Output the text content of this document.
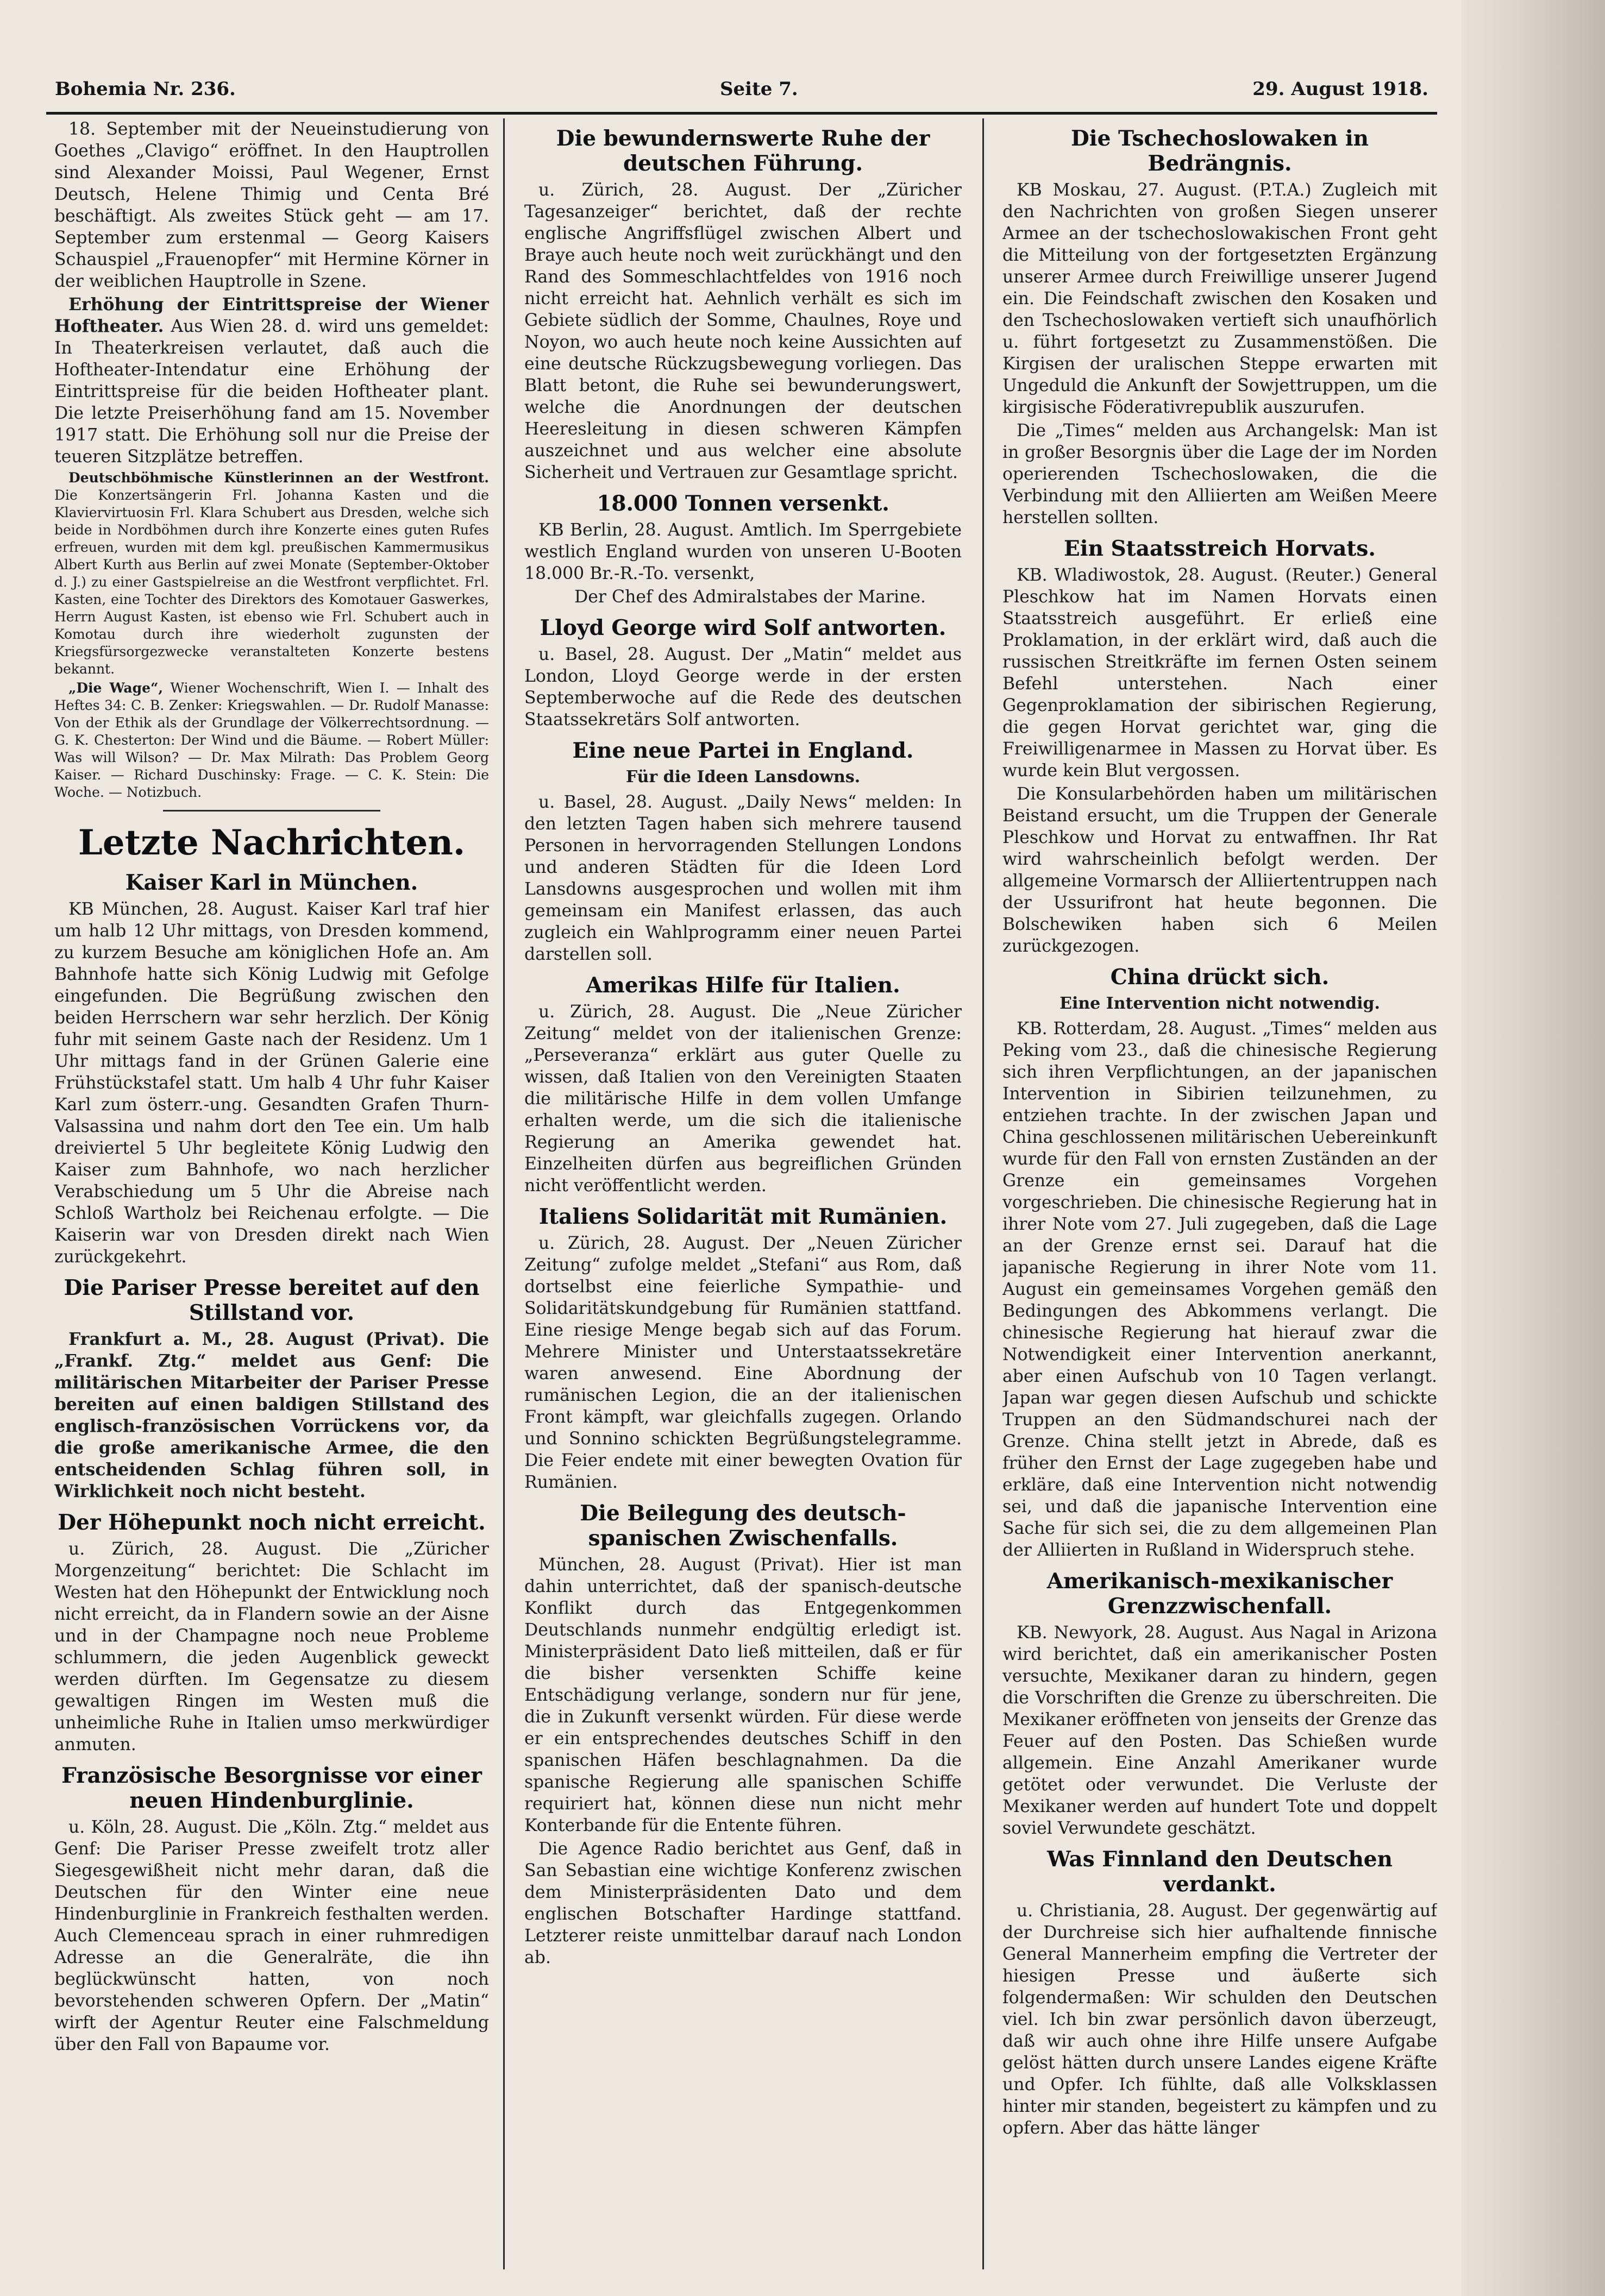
Bohemia Nr. 236.	Seite 7.	29. August 1918.

18. September mit der Neueinstudierung von Goethes „Clavigo“ eröffnet. In den Hauptrollen sind Alexander Moissi, Paul Wegener, Ernst Deutsch, Helene Thimig und Centa Bré beschäftigt. Als zweites Stück geht — am 17. September zum erstenmal — Georg Kaisers Schauspiel „Frauenopfer“ mit Hermine Körner in der weiblichen Hauptrolle in Szene.

Erhöhung der Eintrittspreise der Wiener Hoftheater. Aus Wien 28. d. wird uns gemeldet: In Theaterkreisen verlautet, daß auch die Hoftheater-Intendatur eine Erhöhung der Eintrittspreise für die beiden Hoftheater plant. Die letzte Preiserhöhung fand am 15. November 1917 statt. Die Erhöhung soll nur die Preise der teueren Sitzplätze betreffen.

Deutschböhmische Künstlerinnen an der Westfront. Die Konzertsängerin Frl. Johanna Kasten und die Klaviervirtuosin Frl. Klara Schubert aus Dresden, welche sich beide in Nordböhmen durch ihre Konzerte eines guten Rufes erfreuen, wurden mit dem kgl. preußischen Kammermusikus Albert Kurth aus Berlin auf zwei Monate (September-Oktober d. J.) zu einer Gastspielreise an die Westfront verpflichtet. Frl. Kasten, eine Tochter des Direktors des Komotauer Gaswerkes, Herrn August Kasten, ist ebenso wie Frl. Schubert auch in Komotau durch ihre wiederholt zugunsten der Kriegsfürsorgezwecke veranstalteten Konzerte bestens bekannt.

„Die Wage“, Wiener Wochenschrift, Wien I. — Inhalt des Heftes 34: C. B. Zenker: Kriegswahlen. — Dr. Rudolf Manasse: Von der Ethik als der Grundlage der Völkerrechtsordnung. — G. K. Chesterton: Der Wind und die Bäume. — Robert Müller: Was will Wilson? — Dr. Max Milrath: Das Problem Georg Kaiser. — Richard Duschinsky: Frage. — C. K. Stein: Die Woche. — Notizbuch.

Letzte Nachrichten.
Kaiser Karl in München.

KB München, 28. August. Kaiser Karl traf hier um halb 12 Uhr mittags, von Dresden kommend, zu kurzem Besuche am königlichen Hofe an. Am Bahnhofe hatte sich König Ludwig mit Gefolge eingefunden. Die Begrüßung zwischen den beiden Herrschern war sehr herzlich. Der König fuhr mit seinem Gaste nach der Residenz. Um 1 Uhr mittags fand in der Grünen Galerie eine Frühstückstafel statt. Um halb 4 Uhr fuhr Kaiser Karl zum österr.-ung. Gesandten Grafen Thurn-Valsassina und nahm dort den Tee ein. Um halb dreiviertel 5 Uhr begleitete König Ludwig den Kaiser zum Bahnhofe, wo nach herzlicher Verabschiedung um 5 Uhr die Abreise nach Schloß Wartholz bei Reichenau erfolgte. — Die Kaiserin war von Dresden direkt nach Wien zurückgekehrt.

Die Pariser Presse bereitet auf den Stillstand vor.

Frankfurt a. M., 28. August (Privat). Die „Frankf. Ztg.“ meldet aus Genf: Die militärischen Mitarbeiter der Pariser Presse bereiten auf einen baldigen Stillstand des englisch-französischen Vorrückens vor, da die große amerikanische Armee, die den entscheidenden Schlag führen soll, in Wirklichkeit noch nicht besteht.

Der Höhepunkt noch nicht erreicht.

u. Zürich, 28. August. Die „Züricher Morgenzeitung“ berichtet: Die Schlacht im Westen hat den Höhepunkt der Entwicklung noch nicht erreicht, da in Flandern sowie an der Aisne und in der Champagne noch neue Probleme schlummern, die jeden Augenblick geweckt werden dürften. Im Gegensatze zu diesem gewaltigen Ringen im Westen muß die unheimliche Ruhe in Italien umso merkwürdiger anmuten.

Französische Besorgnisse vor einer neuen Hindenburglinie.

u. Köln, 28. August. Die „Köln. Ztg.“ meldet aus Genf: Die Pariser Presse zweifelt trotz aller Siegesgewißheit nicht mehr daran, daß die Deutschen für den Winter eine neue Hindenburglinie in Frankreich festhalten werden. Auch Clemenceau sprach in einer ruhmredigen Adresse an die Generalräte, die ihn beglückwünscht hatten, von noch bevorstehenden schweren Opfern. Der „Matin“ wirft der Agentur Reuter eine Falschmeldung über den Fall von Bapaume vor.

Die bewundernswerte Ruhe der deutschen Führung.

u. Zürich, 28. August. Der „Züricher Tagesanzeiger“ berichtet, daß der rechte englische Angriffsflügel zwischen Albert und Braye auch heute noch weit zurückhängt und den Rand des Sommeschlachtfeldes von 1916 noch nicht erreicht hat. Aehnlich verhält es sich im Gebiete südlich der Somme, Chaulnes, Roye und Noyon, wo auch heute noch keine Aussichten auf eine deutsche Rückzugsbewegung vorliegen. Das Blatt betont, die Ruhe sei bewunderungswert, welche die Anordnungen der deutschen Heeresleitung in diesen schweren Kämpfen auszeichnet und aus welcher eine absolute Sicherheit und Vertrauen zur Gesamtlage spricht.

18.000 Tonnen versenkt.

KB Berlin, 28. August. Amtlich. Im Sperrgebiete westlich England wurden von unseren U-Booten 18.000 Br.-R.-To. versenkt,

Der Chef des Admiralstabes der Marine.

Lloyd George wird Solf antworten.

u. Basel, 28. August. Der „Matin“ meldet aus London, Lloyd George werde in der ersten Septemberwoche auf die Rede des deutschen Staatssekretärs Solf antworten.

Eine neue Partei in England.
Für die Ideen Lansdowns.

u. Basel, 28. August. „Daily News“ melden: In den letzten Tagen haben sich mehrere tausend Personen in hervorragenden Stellungen Londons und anderen Städten für die Ideen Lord Lansdowns ausgesprochen und wollen mit ihm gemeinsam ein Manifest erlassen, das auch zugleich ein Wahlprogramm einer neuen Partei darstellen soll.

Amerikas Hilfe für Italien.

u. Zürich, 28. August. Die „Neue Züricher Zeitung“ meldet von der italienischen Grenze: „Perseveranza“ erklärt aus guter Quelle zu wissen, daß Italien von den Vereinigten Staaten die militärische Hilfe in dem vollen Umfange erhalten werde, um die sich die italienische Regierung an Amerika gewendet hat. Einzelheiten dürfen aus begreiflichen Gründen nicht veröffentlicht werden.

Italiens Solidarität mit Rumänien.

u. Zürich, 28. August. Der „Neuen Züricher Zeitung“ zufolge meldet „Stefani“ aus Rom, daß dortselbst eine feierliche Sympathie- und Solidaritätskundgebung für Rumänien stattfand. Eine riesige Menge begab sich auf das Forum. Mehrere Minister und Unterstaatssekretäre waren anwesend. Eine Abordnung der rumänischen Legion, die an der italienischen Front kämpft, war gleichfalls zugegen. Orlando und Sonnino schickten Begrüßungstelegramme. Die Feier endete mit einer bewegten Ovation für Rumänien.

Die Beilegung des deutsch-spanischen Zwischenfalls.

München, 28. August (Privat). Hier ist man dahin unterrichtet, daß der spanisch-deutsche Konflikt durch das Entgegenkommen Deutschlands nunmehr endgültig erledigt ist. Ministerpräsident Dato ließ mitteilen, daß er für die bisher versenkten Schiffe keine Entschädigung verlange, sondern nur für jene, die in Zukunft versenkt würden. Für diese werde er ein entsprechendes deutsches Schiff in den spanischen Häfen beschlagnahmen. Da die spanische Regierung alle spanischen Schiffe requiriert hat, können diese nun nicht mehr Konterbande für die Entente führen.

Die Agence Radio berichtet aus Genf, daß in San Sebastian eine wichtige Konferenz zwischen dem Ministerpräsidenten Dato und dem englischen Botschafter Hardinge stattfand. Letzterer reiste unmittelbar darauf nach London ab.

Die Tschechoslowaken in Bedrängnis.

KB Moskau, 27. August. (P.T.A.) Zugleich mit den Nachrichten von großen Siegen unserer Armee an der tschechoslowakischen Front geht die Mitteilung von der fortgesetzten Ergänzung unserer Armee durch Freiwillige unserer Jugend ein. Die Feindschaft zwischen den Kosaken und den Tschechoslowaken vertieft sich unaufhörlich u. führt fortgesetzt zu Zusammenstößen. Die Kirgisen der uralischen Steppe erwarten mit Ungeduld die Ankunft der Sowjettruppen, um die kirgisische Föderativrepublik auszurufen.

Die „Times“ melden aus Archangelsk: Man ist in großer Besorgnis über die Lage der im Norden operierenden Tschechoslowaken, die die Verbindung mit den Alliierten am Weißen Meere herstellen sollten.

Ein Staatsstreich Horvats.

KB. Wladiwostok, 28. August. (Reuter.) General Pleschkow hat im Namen Horvats einen Staatsstreich ausgeführt. Er erließ eine Proklamation, in der erklärt wird, daß auch die russischen Streitkräfte im fernen Osten seinem Befehl unterstehen. Nach einer Gegenproklamation der sibirischen Regierung, die gegen Horvat gerichtet war, ging die Freiwilligenarmee in Massen zu Horvat über. Es wurde kein Blut vergossen.

Die Konsularbehörden haben um militärischen Beistand ersucht, um die Truppen der Generale Pleschkow und Horvat zu entwaffnen. Ihr Rat wird wahrscheinlich befolgt werden. Der allgemeine Vormarsch der Alliiertentruppen nach der Ussurifront hat heute begonnen. Die Bolschewiken haben sich 6 Meilen zurückgezogen.

China drückt sich.
Eine Intervention nicht notwendig.

KB. Rotterdam, 28. August. „Times“ melden aus Peking vom 23., daß die chinesische Regierung sich ihren Verpflichtungen, an der japanischen Intervention in Sibirien teilzunehmen, zu entziehen trachte. In der zwischen Japan und China geschlossenen militärischen Uebereinkunft wurde für den Fall von ernsten Zuständen an der Grenze ein gemeinsames Vorgehen vorgeschrieben. Die chinesische Regierung hat in ihrer Note vom 27. Juli zugegeben, daß die Lage an der Grenze ernst sei. Darauf hat die japanische Regierung in ihrer Note vom 11. August ein gemeinsames Vorgehen gemäß den Bedingungen des Abkommens verlangt. Die chinesische Regierung hat hierauf zwar die Notwendigkeit einer Intervention anerkannt, aber einen Aufschub von 10 Tagen verlangt. Japan war gegen diesen Aufschub und schickte Truppen an den Südmandschurei nach der Grenze. China stellt jetzt in Abrede, daß es früher den Ernst der Lage zugegeben habe und erkläre, daß eine Intervention nicht notwendig sei, und daß die japanische Intervention eine Sache für sich sei, die zu dem allgemeinen Plan der Alliierten in Rußland in Widerspruch stehe.

Amerikanisch-mexikanischer Grenzzwischenfall.

KB. Newyork, 28. August. Aus Nagal in Arizona wird berichtet, daß ein amerikanischer Posten versuchte, Mexikaner daran zu hindern, gegen die Vorschriften die Grenze zu überschreiten. Die Mexikaner eröffneten von jenseits der Grenze das Feuer auf den Posten. Das Schießen wurde allgemein. Eine Anzahl Amerikaner wurde getötet oder verwundet. Die Verluste der Mexikaner werden auf hundert Tote und doppelt soviel Verwundete geschätzt.

Was Finnland den Deutschen verdankt.

u. Christiania, 28. August. Der gegenwärtig auf der Durchreise sich hier aufhaltende finnische General Mannerheim empfing die Vertreter der hiesigen Presse und äußerte sich folgendermaßen: Wir schulden den Deutschen viel. Ich bin zwar persönlich davon überzeugt, daß wir auch ohne ihre Hilfe unsere Aufgabe gelöst hätten durch unsere Landes eigene Kräfte und Opfer. Ich fühlte, daß alle Volksklassen hinter mir standen, begeistert zu kämpfen und zu opfern. Aber das hätte länger
